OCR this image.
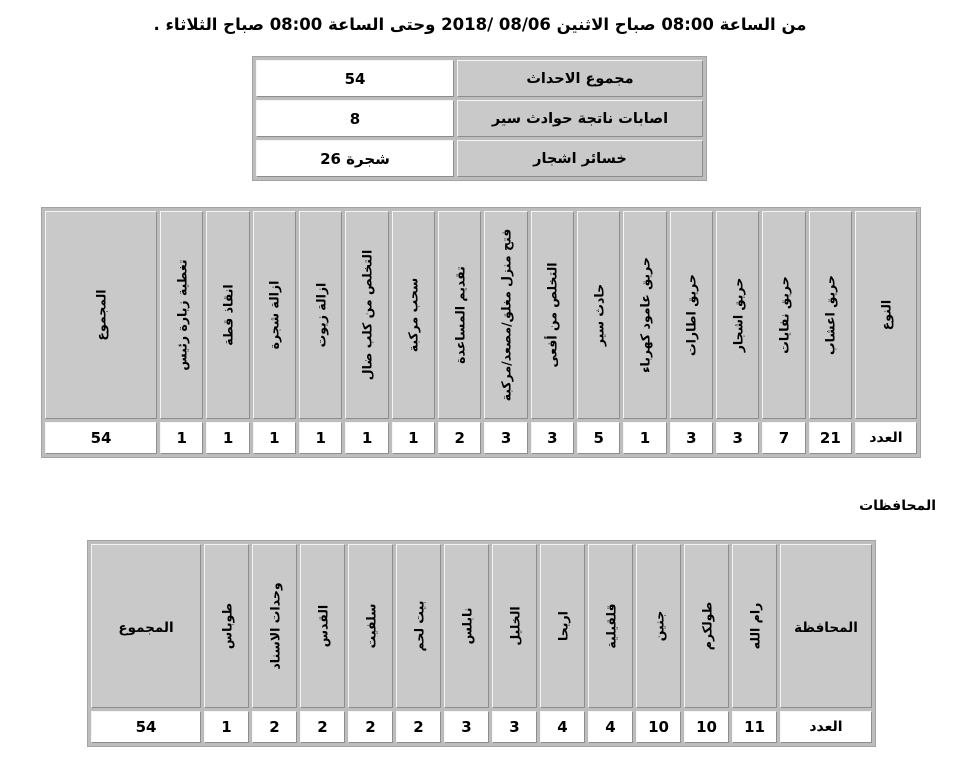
من الساعة 08:00 صباح الاثنين 08/06 /2018 وحتى الساعة 08:00 صباح الثلاثاء .
مجموع الاحداث	54
اصابات ناتجة حوادث سير	8
خسائر اشجار	26 شجرة
النوع	حريق اعشاب	حريق نفايات	حريق اشجار	حريق اطارات	حريق عامود كهرباء	حادث سير	التخلص من أفعى	فتح منزل مغلق/مصعد/مركبة	تقديم المساعدة	سحب مركبة	التخلص من كلب ضال	ازالة زيوت	ازالة شجرة	انقاذ قطة	تغطية زيارة رئيس	المجموع

العدد	21	7	3	3	1	5	3	3	2	1	1	1	1	1	1	54
المحافظات
المحافظة	رام الله	طولكرم	جنين	قلقيلية	اريحا	الخليل	نابلس	بيت لحم	سلفيت	القدس	وحدات الاسناد	طوباس	المجموع
العدد	11	10	10	4	4	3	3	2	2	2	2	1	54
